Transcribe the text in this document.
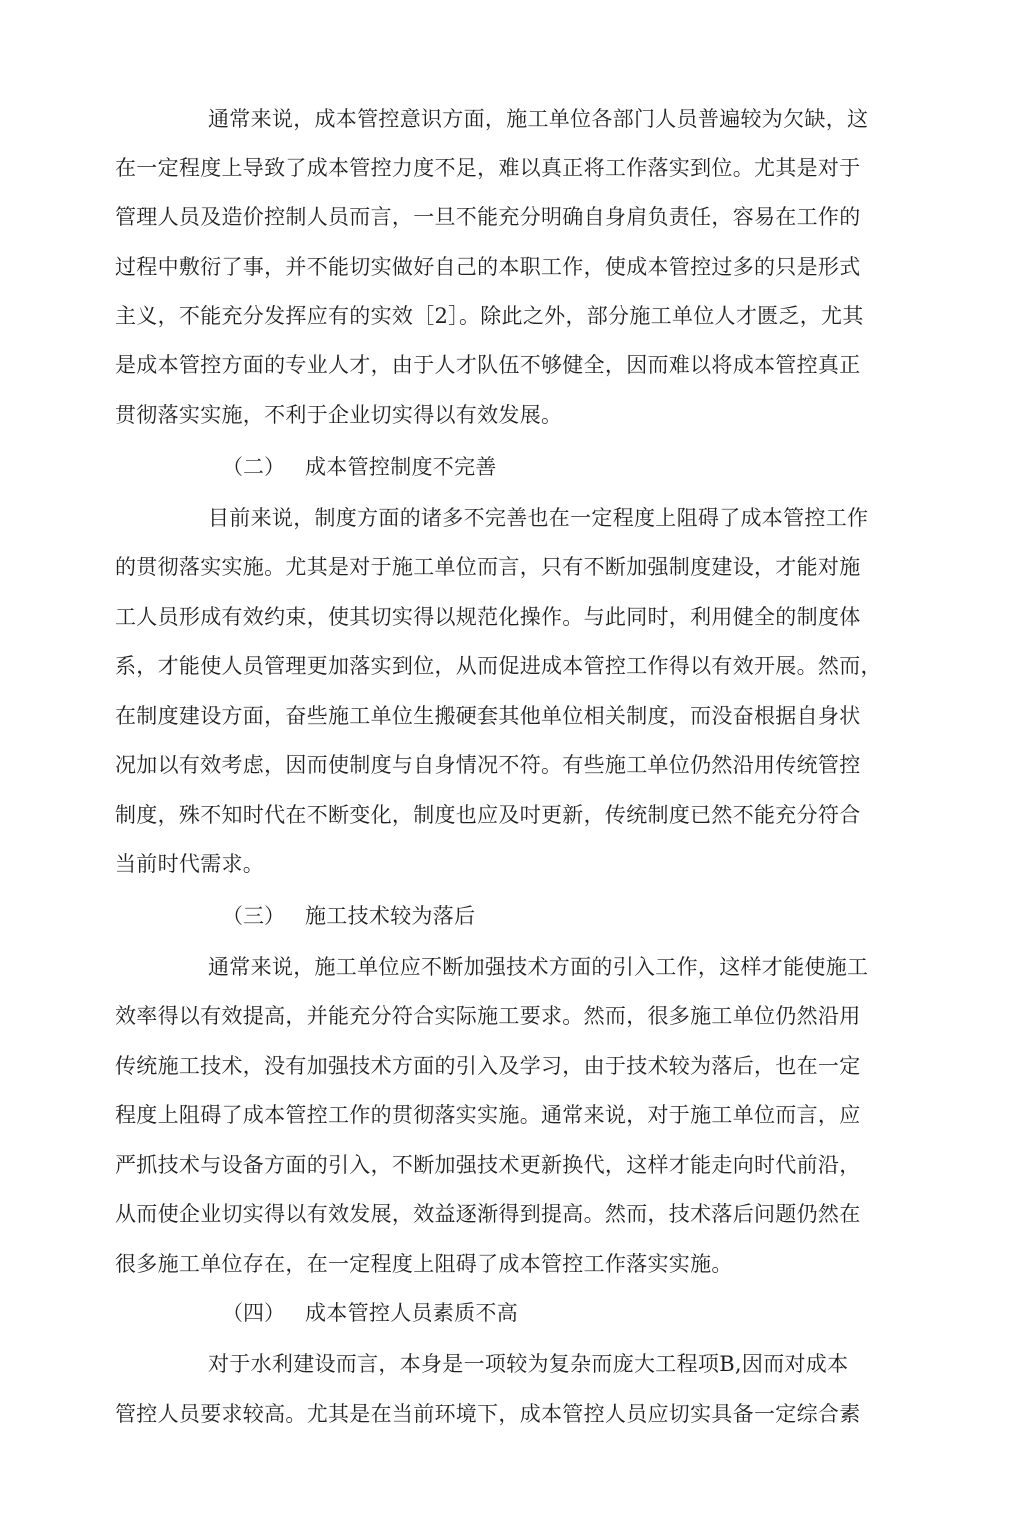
通常来说，成本管控意识方面，施工单位各部门人员普遍较为欠缺，这
在一定程度上导致了成本管控力度不足，难以真正将工作落实到位。尤其是对于
管理人员及造价控制人员而言，一旦不能充分明确自身肩负责任，容易在工作的
过程中敷衍了事，并不能切实做好自己的本职工作，使成本管控过多的只是形式
主义，不能充分发挥应有的实效［2］。除此之外，部分施工单位人才匮乏，尤其
是成本管控方面的专业人才，由于人才队伍不够健全，因而难以将成本管控真正
贯彻落实实施，不利于企业切实得以有效发展。
（二） 成本管控制度不完善
目前来说，制度方面的诸多不完善也在一定程度上阻碍了成本管控工作
的贯彻落实实施。尤其是对于施工单位而言，只有不断加强制度建设，才能对施
工人员形成有效约束，使其切实得以规范化操作。与此同时，利用健全的制度体
系，才能使人员管理更加落实到位，从而促进成本管控工作得以有效开展。然而，
在制度建设方面，奋些施工单位生搬硬套其他单位相关制度，而没奋根据自身状
况加以有效考虑，因而使制度与自身情况不符。有些施工单位仍然沿用传统管控
制度，殊不知时代在不断变化，制度也应及吋更新，传统制度已然不能充分符合
当前时代需求。
（三） 施工技术较为落后
通常来说，施工单位应不断加强技术方面的引入工作，这样才能使施工
效率得以有效提高，并能充分符合实际施工要求。然而，很多施工单位仍然沿用
传统施工技术，没有加强技术方面的引入及学习，由于技术较为落后，也在一定
程度上阻碍了成本管控工作的贯彻落实实施。通常来说，对于施工单位而言，应
严抓技术与设备方面的引入，不断加强技术更新换代，这样才能走向时代前沿，
从而使企业切实得以有效发展，效益逐渐得到提高。然而，技术落后问题仍然在
很多施工单位存在，在一定程度上阻碍了成本管控工作落实实施。
（四） 成本管控人员素质不高
对于水利建设而言，本身是一项较为复杂而庞大工程项B,因而对成本
管控人员要求较高。尤其是在当前环境下，成本管控人员应切实具备一定综合素
